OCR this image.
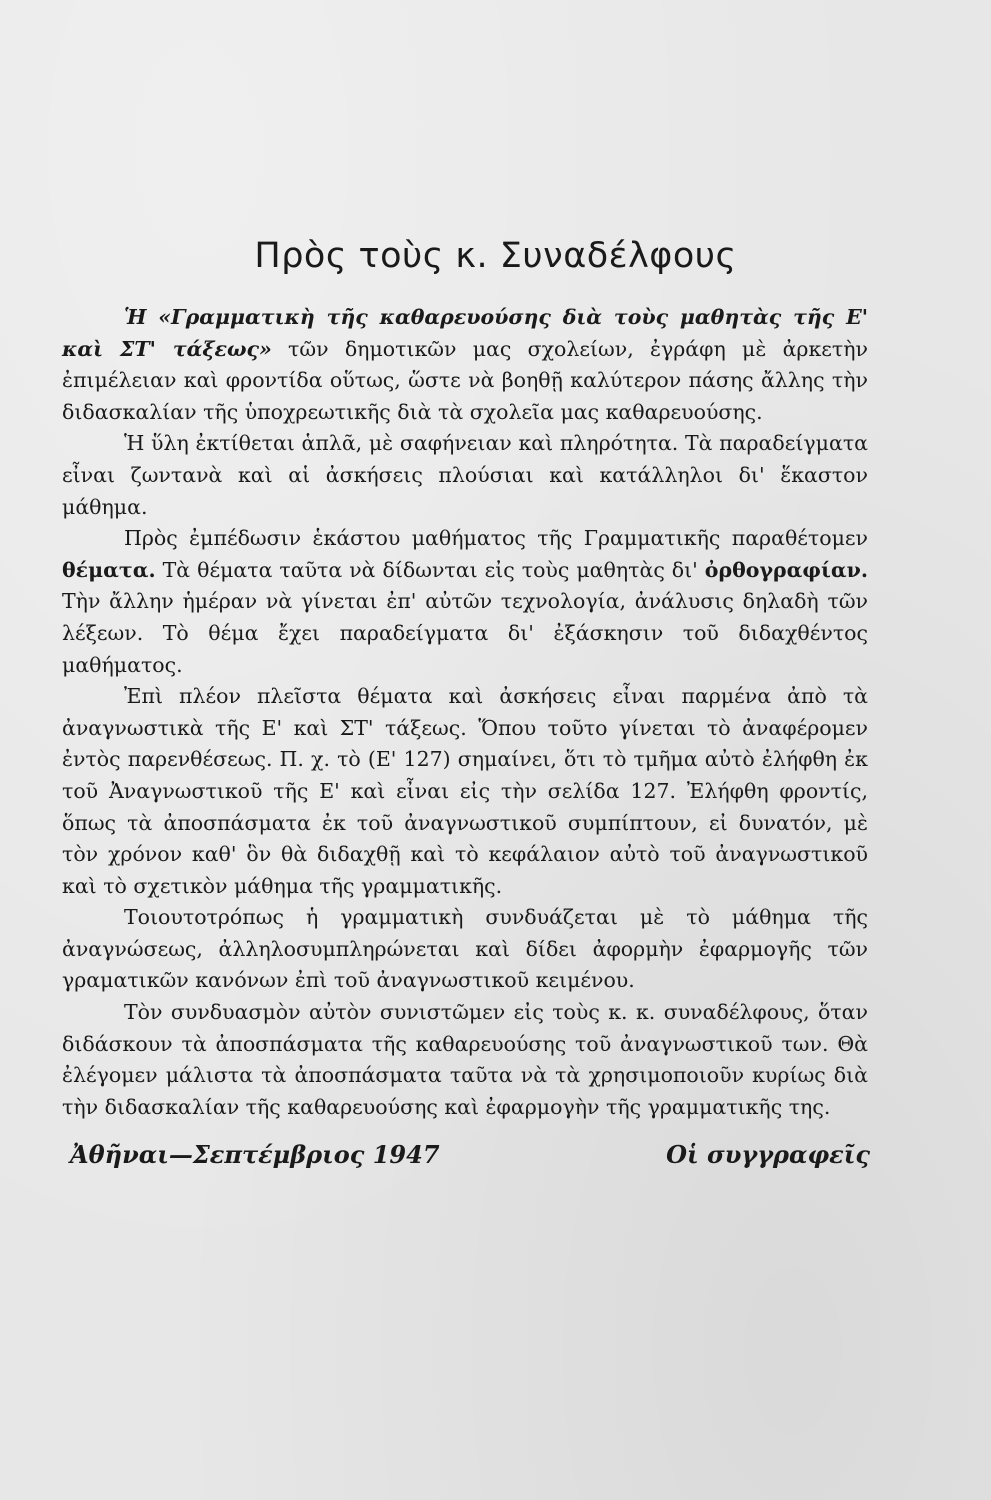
Πρὸς τοὺς κ. Συναδέλφους

Ἡ «Γραμματικὴ τῆς καθαρευούσης διὰ τοὺς μαθητὰς τῆς Ε' καὶ ΣΤ' τάξεως» τῶν δημοτικῶν μας σχολείων, ἐγράφη μὲ ἀρκετὴν ἐπιμέλειαν καὶ φροντίδα οὕτως, ὥστε νὰ βοηθῇ καλύτερον πάσης ἄλλης τὴν διδασκαλίαν τῆς ὑποχρεωτικῆς διὰ τὰ σχολεῖα μας καθαρευούσης.

Ἡ ὕλη ἐκτίθεται ἁπλᾶ, μὲ σαφήνειαν καὶ πληρότητα. Τὰ παραδείγματα εἶναι ζωντανὰ καὶ αἱ ἀσκήσεις πλούσιαι καὶ κατάλληλοι δι' ἕκαστον μάθημα.

Πρὸς ἐμπέδωσιν ἑκάστου μαθήματος τῆς Γραμματικῆς παραθέτομεν θέματα. Τὰ θέματα ταῦτα νὰ δίδωνται εἰς τοὺς μαθητὰς δι' ὀρθογραφίαν. Τὴν ἄλλην ἡμέραν νὰ γίνεται ἐπ' αὐτῶν τεχνολογία, ἀνάλυσις δηλαδὴ τῶν λέξεων. Τὸ θέμα ἔχει παραδείγματα δι' ἐξάσκησιν τοῦ διδαχθέντος μαθήματος.

Ἐπὶ πλέον πλεῖστα θέματα καὶ ἀσκήσεις εἶναι παρμένα ἀπὸ τὰ ἀναγνωστικὰ τῆς Ε' καὶ ΣΤ' τάξεως. Ὅπου τοῦτο γίνεται τὸ ἀναφέρομεν ἐντὸς παρενθέσεως. Π. χ. τὸ (Ε' 127) σημαίνει, ὅτι τὸ τμῆμα αὐτὸ ἐλήφθη ἐκ τοῦ Ἀναγνωστικοῦ τῆς Ε' καὶ εἶναι εἰς τὴν σελίδα 127. Ἐλήφθη φροντίς, ὅπως τὰ ἀποσπάσματα ἐκ τοῦ ἀναγνωστικοῦ συμπίπτουν, εἰ δυνατόν, μὲ τὸν χρόνον καθ' ὃν θὰ διδαχθῇ καὶ τὸ κεφάλαιον αὐτὸ τοῦ ἀναγνωστικοῦ καὶ τὸ σχετικὸν μάθημα τῆς γραμματικῆς.

Τοιουτοτρόπως ἡ γραμματικὴ συνδυάζεται μὲ τὸ μάθημα τῆς ἀναγνώσεως, ἀλληλοσυμπληρώνεται καὶ δίδει ἀφορμὴν ἐφαρμογῆς τῶν γραματικῶν κανόνων ἐπὶ τοῦ ἀναγνωστικοῦ κειμένου.

Τὸν συνδυασμὸν αὐτὸν συνιστῶμεν εἰς τοὺς κ. κ. συναδέλφους, ὅταν διδάσκουν τὰ ἀποσπάσματα τῆς καθαρευούσης τοῦ ἀναγνωστικοῦ των. Θὰ ἐλέγομεν μάλιστα τὰ ἀποσπάσματα ταῦτα νὰ τὰ χρησιμοποιοῦν κυρίως διὰ τὴν διδασκαλίαν τῆς καθαρευούσης καὶ ἐφαρμογὴν τῆς γραμματικῆς της.

Ἀθῆναι—Σεπτέμβριος 1947	Οἱ συγγραφεῖς
